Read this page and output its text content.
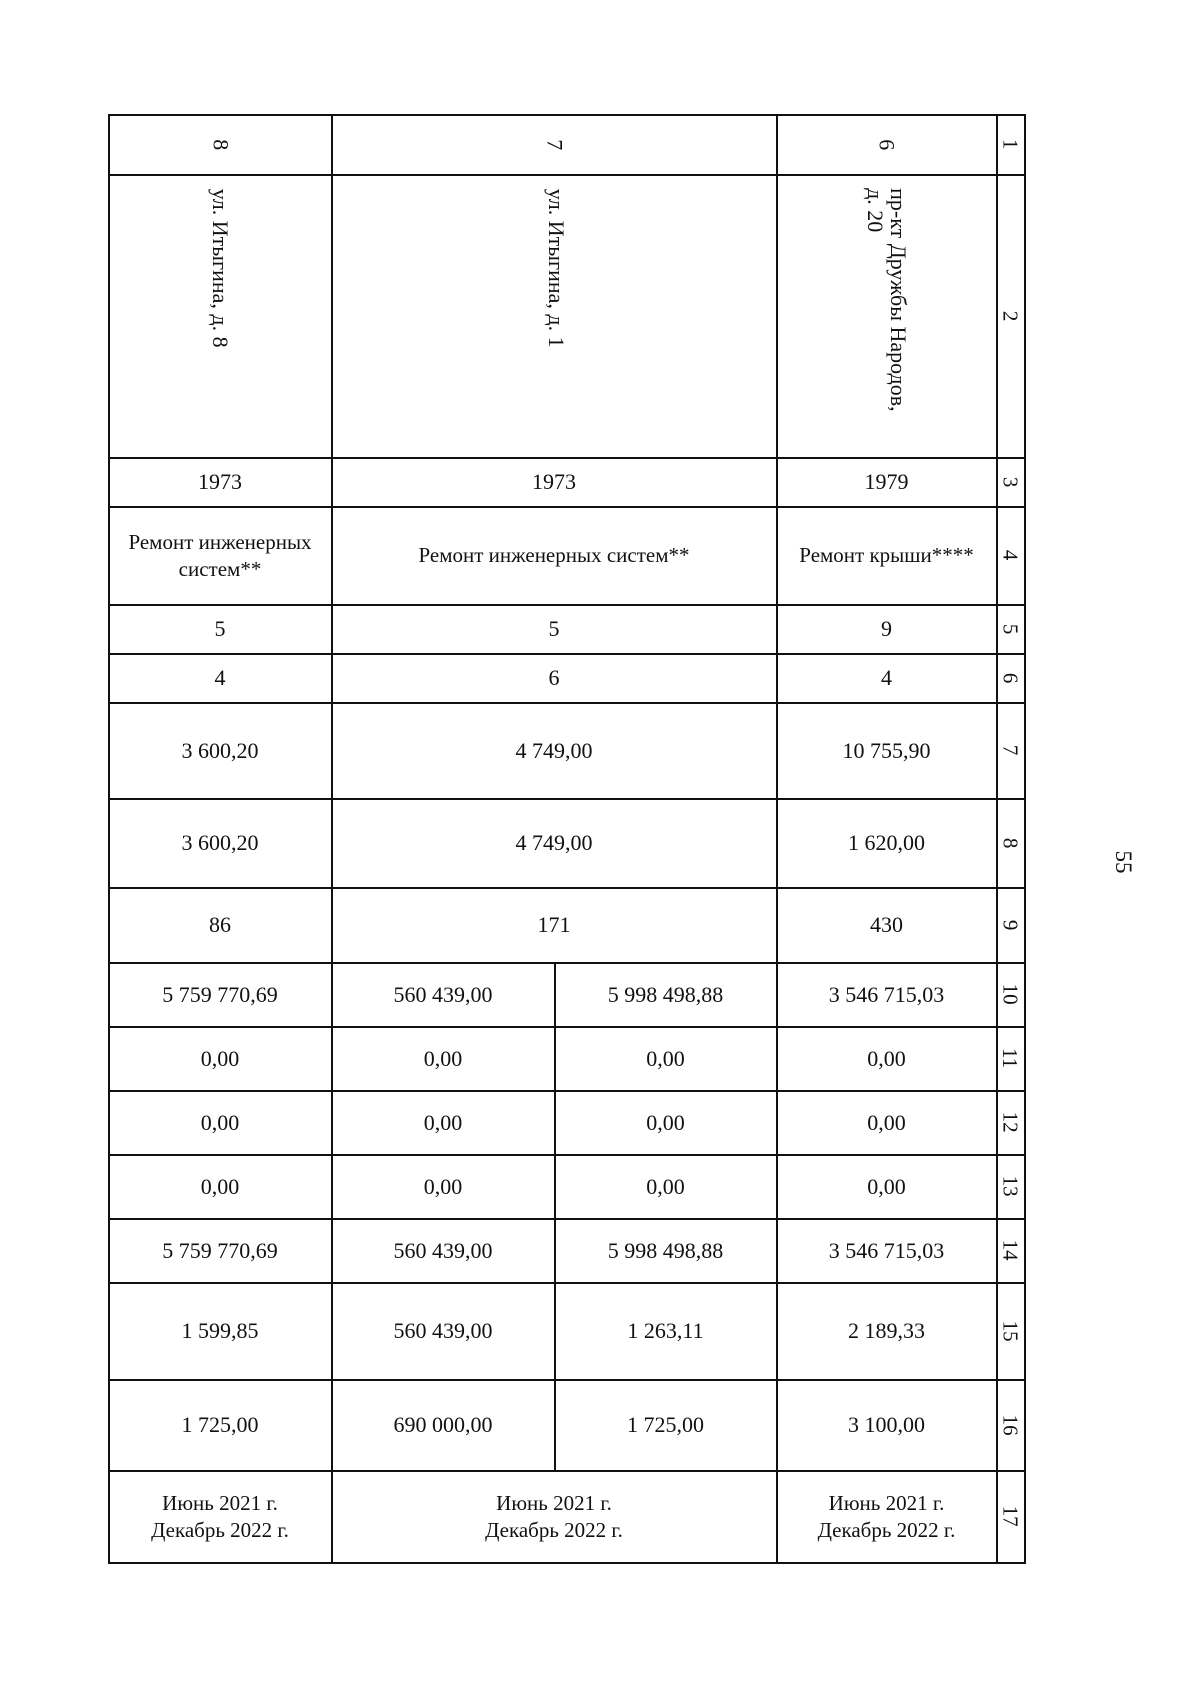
55
1
2
3
4
5
6
7
8
9
10
11
12
13
14
15
16
17
6
пр-кт Дружбы Народов,
д. 20
1979
Ремонт крыши****
9
4
10 755,90
1 620,00
430
3 546 715,03
0,00
0,00
0,00
3 546 715,03
2 189,33
3 100,00
Июнь 2021 г.
Декабрь 2022 г.
7
ул. Итыгина, д. 1
1973
Ремонт инженерных систем**
5
6
4 749,00
4 749,00
171
560 439,00
0,00
0,00
0,00
560 439,00
560 439,00
690 000,00
5 998 498,88
0,00
0,00
0,00
5 998 498,88
1 263,11
1 725,00
Июнь 2021 г.
Декабрь 2022 г.
8
ул. Итыгина, д. 8
1973
Ремонт инженерных
систем**
5
4
3 600,20
3 600,20
86
5 759 770,69
0,00
0,00
0,00
5 759 770,69
1 599,85
1 725,00
Июнь 2021 г.
Декабрь 2022 г.
